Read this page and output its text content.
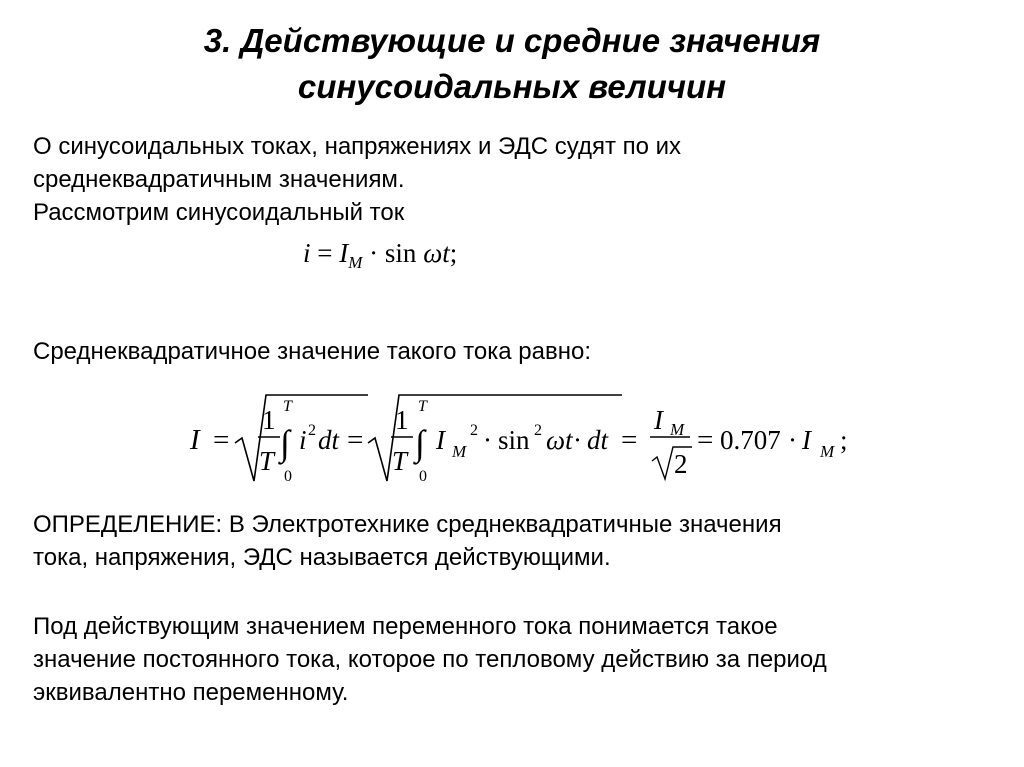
3. Действующие и средние значения
синусоидальных величин
О синусоидальных токах, напряжениях и ЭДС судят по их
среднеквадратичным значениям.
Рассмотрим синусоидальный ток
$i = I_M \cdot \sin \omega t$;
Среднеквадратичное значение такого тока равно:
I =
1
T
T
∫
0
i 2 dt =
1
T
T
∫
0
I M
2 · sin 2 ωt · dt =
I M
2
= 0.707 · I M ;
ОПРЕДЕЛЕНИЕ: В Электротехнике среднеквадратичные значения
тока, напряжения, ЭДС называется действующими.
Под действующим значением переменного тока понимается такое
значение постоянного тока, которое по тепловому действию за период
эквивалентно переменному.
